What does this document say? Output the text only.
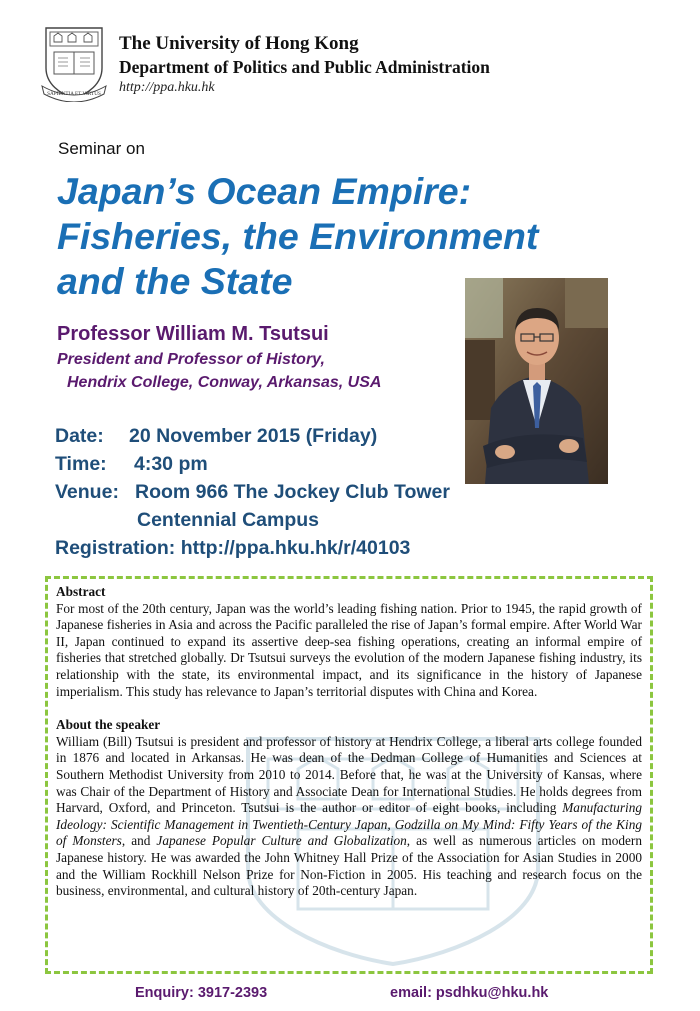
SAPIENTIA ET VIRTUS
The University of Hong Kong
Department of Politics and Public Administration
http://ppa.hku.hk
Seminar on
Japan’s Ocean Empire:
Fisheries, the Environment
and the State
Professor William M. Tsutsui
President and Professor of History,
Hendrix College, Conway, Arkansas, USA
Date: 20 November 2015 (Friday)
Time: 4:30 pm
Venue: Room 966 The Jockey Club Tower
Centennial Campus
Registration: http://ppa.hku.hk/r/40103
Abstract

For most of the 20th century, Japan was the world’s leading fishing nation. Prior to 1945, the rapid growth of Japanese fisheries in Asia and across the Pacific paralleled the rise of Japan’s formal empire. After World War II, Japan continued to expand its assertive deep-sea fishing operations, creating an informal empire of fisheries that stretched globally. Dr Tsutsui surveys the evolution of the modern Japanese fishing industry, its relationship with the state, its environmental impact, and its significance in the history of Japanese imperialism. This study has relevance to Japan’s territorial disputes with China and Korea.

About the speaker

William (Bill) Tsutsui is president and professor of history at Hendrix College, a liberal arts college founded in 1876 and located in Arkansas. He was dean of the Dedman College of Humanities and Sciences at Southern Methodist University from 2010 to 2014. Before that, he was at the University of Kansas, where was Chair of the Department of History and Associate Dean for International Studies. He holds degrees from Harvard, Oxford, and Princeton. Tsutsui is the author or editor of eight books, including Manufacturing Ideology: Scientific Management in Twentieth-Century Japan, Godzilla on My Mind: Fifty Years of the King of Monsters, and Japanese Popular Culture and Globalization, as well as numerous articles on modern Japanese history. He was awarded the John Whitney Hall Prize of the Association for Asian Studies in 2000 and the William Rockhill Nelson Prize for Non-Fiction in 2005. His teaching and research focus on the business, environmental, and cultural history of 20th-century Japan.

Enquiry: 3917-2393	email: psdhku@hku.hk
